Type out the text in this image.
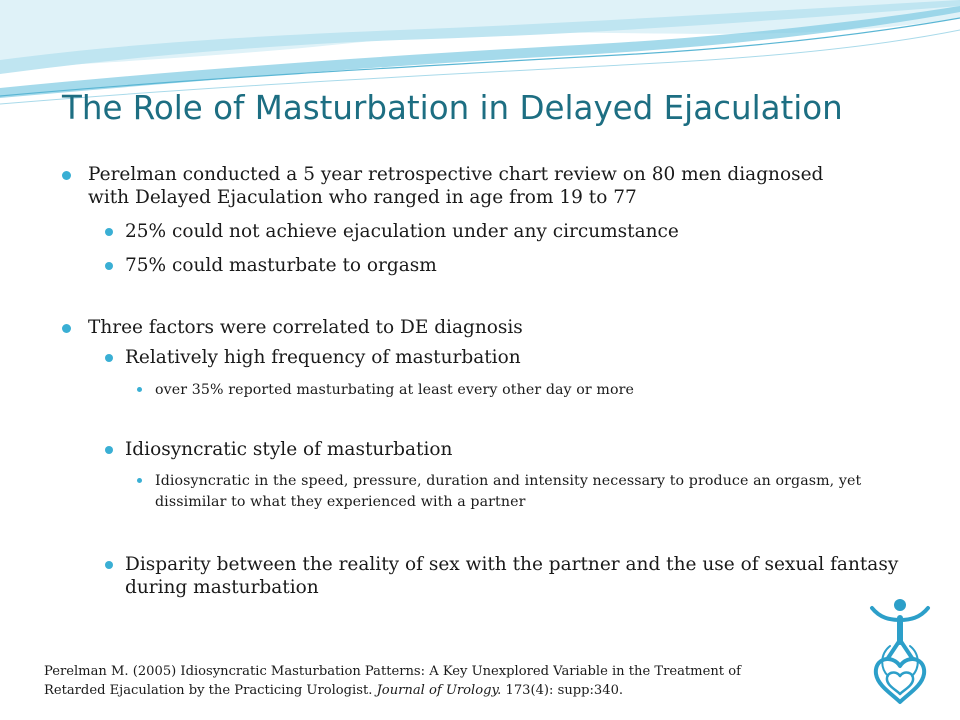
The Role of Masturbation in Delayed Ejaculation
Perelman conducted a 5 year retrospective chart review on 80 men diagnosed with Delayed Ejaculation who ranged in age from 19 to 77
25% could not achieve ejaculation under any circumstance
75% could masturbate to orgasm
Three factors were correlated to DE diagnosis
Relatively high frequency of masturbation
over 35% reported masturbating at least every other day or more
Idiosyncratic style of masturbation
Idiosyncratic in the speed, pressure, duration and intensity necessary to produce an orgasm, yet dissimilar to what they experienced with a partner
Disparity between the reality of sex with the partner and the use of sexual fantasy during masturbation
Perelman M. (2005) Idiosyncratic Masturbation Patterns: A Key Unexplored Variable in the Treatment of Retarded Ejaculation by the Practicing Urologist. Journal of Urology. 173(4): supp:340.
